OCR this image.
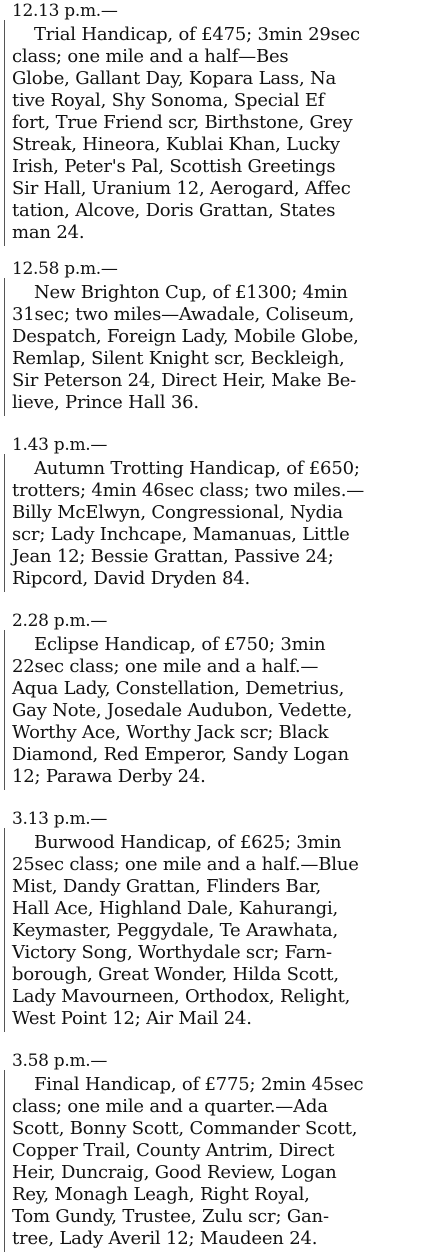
12.13 p.m.—
Trial Handicap, of £475; 3min 29sec
class; one mile and a half—Bes
Globe, Gallant Day, Kopara Lass, Na
tive Royal, Shy Sonoma, Special Ef
fort, True Friend scr, Birthstone, Grey
Streak, Hineora, Kublai Khan, Lucky
Irish, Peter's Pal, Scottish Greetings
Sir Hall, Uranium 12, Aerogard, Affec
tation, Alcove, Doris Grattan, States
man 24.
12.58 p.m.—
New Brighton Cup, of £1300; 4min
31sec; two miles—Awadale, Coliseum,
Despatch, Foreign Lady, Mobile Globe,
Remlap, Silent Knight scr, Beckleigh,
Sir Peterson 24, Direct Heir, Make Be-
lieve, Prince Hall 36.
1.43 p.m.—
Autumn Trotting Handicap, of £650;
trotters; 4min 46sec class; two miles.—
Billy McElwyn, Congressional, Nydia
scr; Lady Inchcape, Mamanuas, Little
Jean 12; Bessie Grattan, Passive 24;
Ripcord, David Dryden 84.
2.28 p.m.—
Eclipse Handicap, of £750; 3min
22sec class; one mile and a half.—
Aqua Lady, Constellation, Demetrius,
Gay Note, Josedale Audubon, Vedette,
Worthy Ace, Worthy Jack scr; Black
Diamond, Red Emperor, Sandy Logan
12; Parawa Derby 24.
3.13 p.m.—
Burwood Handicap, of £625; 3min
25sec class; one mile and a half.—Blue
Mist, Dandy Grattan, Flinders Bar,
Hall Ace, Highland Dale, Kahurangi,
Keymaster, Peggydale, Te Arawhata,
Victory Song, Worthydale scr; Farn-
borough, Great Wonder, Hilda Scott,
Lady Mavourneen, Orthodox, Relight,
West Point 12; Air Mail 24.
3.58 p.m.—
Final Handicap, of £775; 2min 45sec
class; one mile and a quarter.—Ada
Scott, Bonny Scott, Commander Scott,
Copper Trail, County Antrim, Direct
Heir, Duncraig, Good Review, Logan
Rey, Monagh Leagh, Right Royal,
Tom Gundy, Trustee, Zulu scr; Gan-
tree, Lady Averil 12; Maudeen 24.
